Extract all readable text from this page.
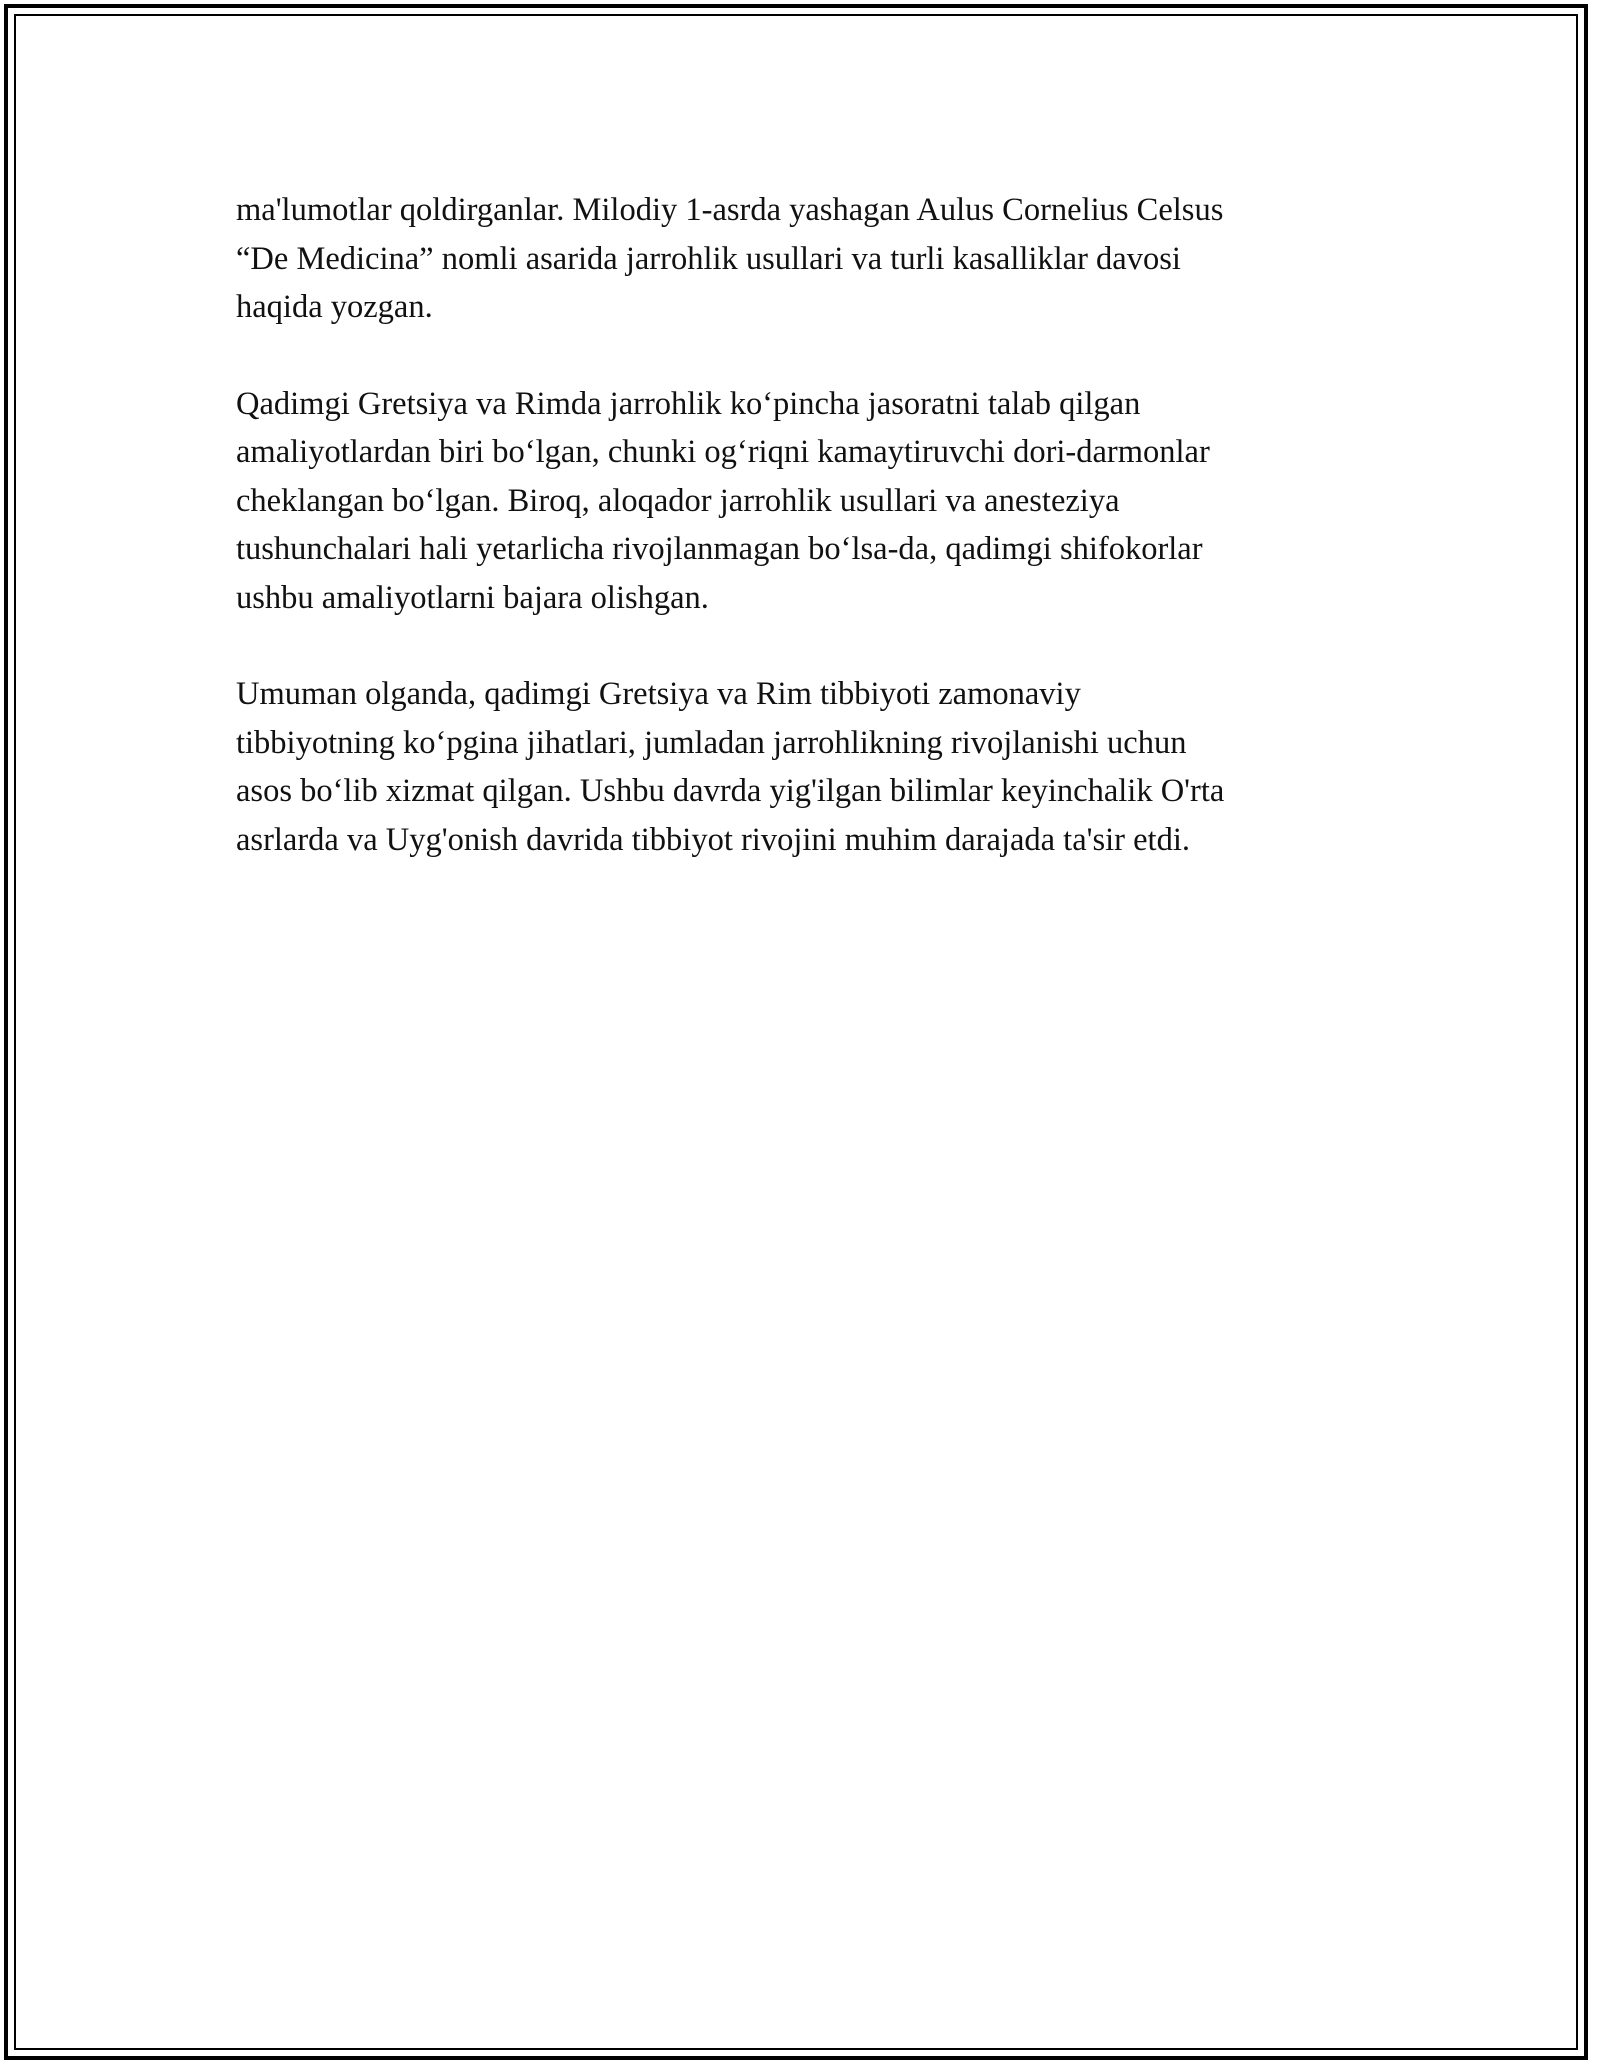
ma'lumotlar qoldirganlar. Milodiy 1-asrda yashagan Aulus Cornelius Celsus
“De Medicina” nomli asarida jarrohlik usullari va turli kasalliklar davosi
haqida yozgan.

Qadimgi Gretsiya va Rimda jarrohlik ko‘pincha jasoratni talab qilgan
amaliyotlardan biri bo‘lgan, chunki og‘riqni kamaytiruvchi dori-darmonlar
cheklangan bo‘lgan. Biroq, aloqador jarrohlik usullari va anesteziya
tushunchalari hali yetarlicha rivojlanmagan bo‘lsa-da, qadimgi shifokorlar
ushbu amaliyotlarni bajara olishgan.

Umuman olganda, qadimgi Gretsiya va Rim tibbiyoti zamonaviy
tibbiyotning ko‘pgina jihatlari, jumladan jarrohlikning rivojlanishi uchun
asos bo‘lib xizmat qilgan. Ushbu davrda yig'ilgan bilimlar keyinchalik O'rta
asrlarda va Uyg'onish davrida tibbiyot rivojini muhim darajada ta'sir etdi.
